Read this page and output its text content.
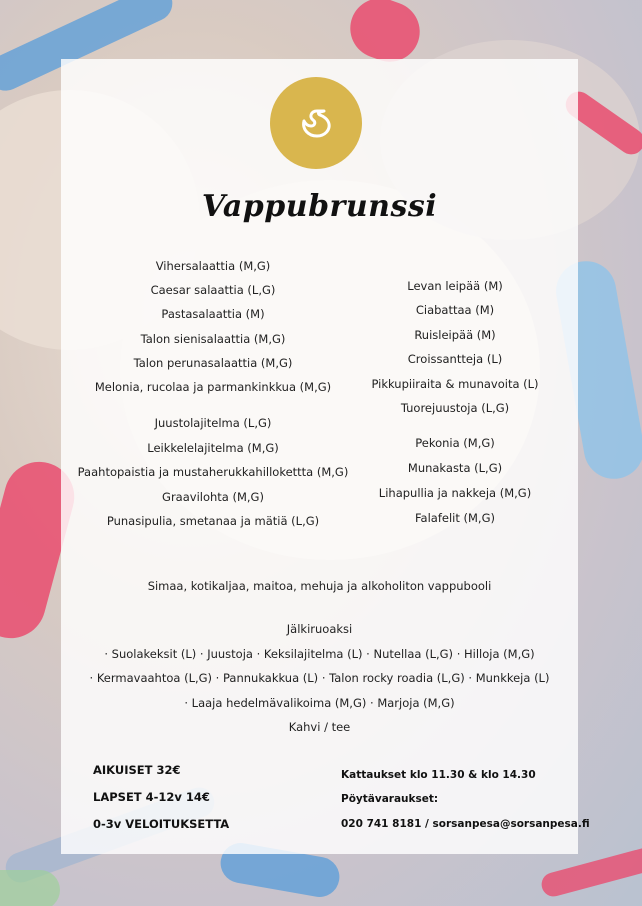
Vappubrunssi
Vihersalaattia (M,G)
Caesar salaattia (L,G)
Pastasalaattia (M)
Talon sienisalaattia (M,G)
Talon perunasalaattia (M,G)
Melonia, rucolaa ja parmankinkkua (M,G)
Juustolajitelma (L,G)
Leikkelelajitelma (M,G)
Paahtopaistia ja mustaherukkahillokettta (M,G)
Graavilohta (M,G)
Punasipulia, smetanaa ja mätiä (L,G)
Levan leipää (M)
Ciabattaa (M)
Ruisleipää (M)
Croissantteja (L)
Pikkupiiraita & munavoita (L)
Tuorejuustoja (L,G)
Pekonia (M,G)
Munakasta (L,G)
Lihapullia ja nakkeja (M,G)
Falafelit (M,G)
Simaa, kotikaljaa, maitoa, mehuja ja alkoholiton vappubooli
Jälkiruoaksi
· Suolakeksit (L) · Juustoja · Keksilajitelma (L) · Nutellaa (L,G) · Hilloja (M,G)
· Kermavaahtoa (L,G) · Pannukakkua (L) · Talon rocky roadia (L,G) · Munkkeja (L)
· Laaja hedelmävalikoima (M,G) · Marjoja (M,G)
Kahvi / tee
AIKUISET 32€
LAPSET 4-12v 14€
0-3v VELOITUKSETTA
Kattaukset klo 11.30 & klo 14.30
Pöytävaraukset:
020 741 8181 / sorsanpesa@sorsanpesa.fi
